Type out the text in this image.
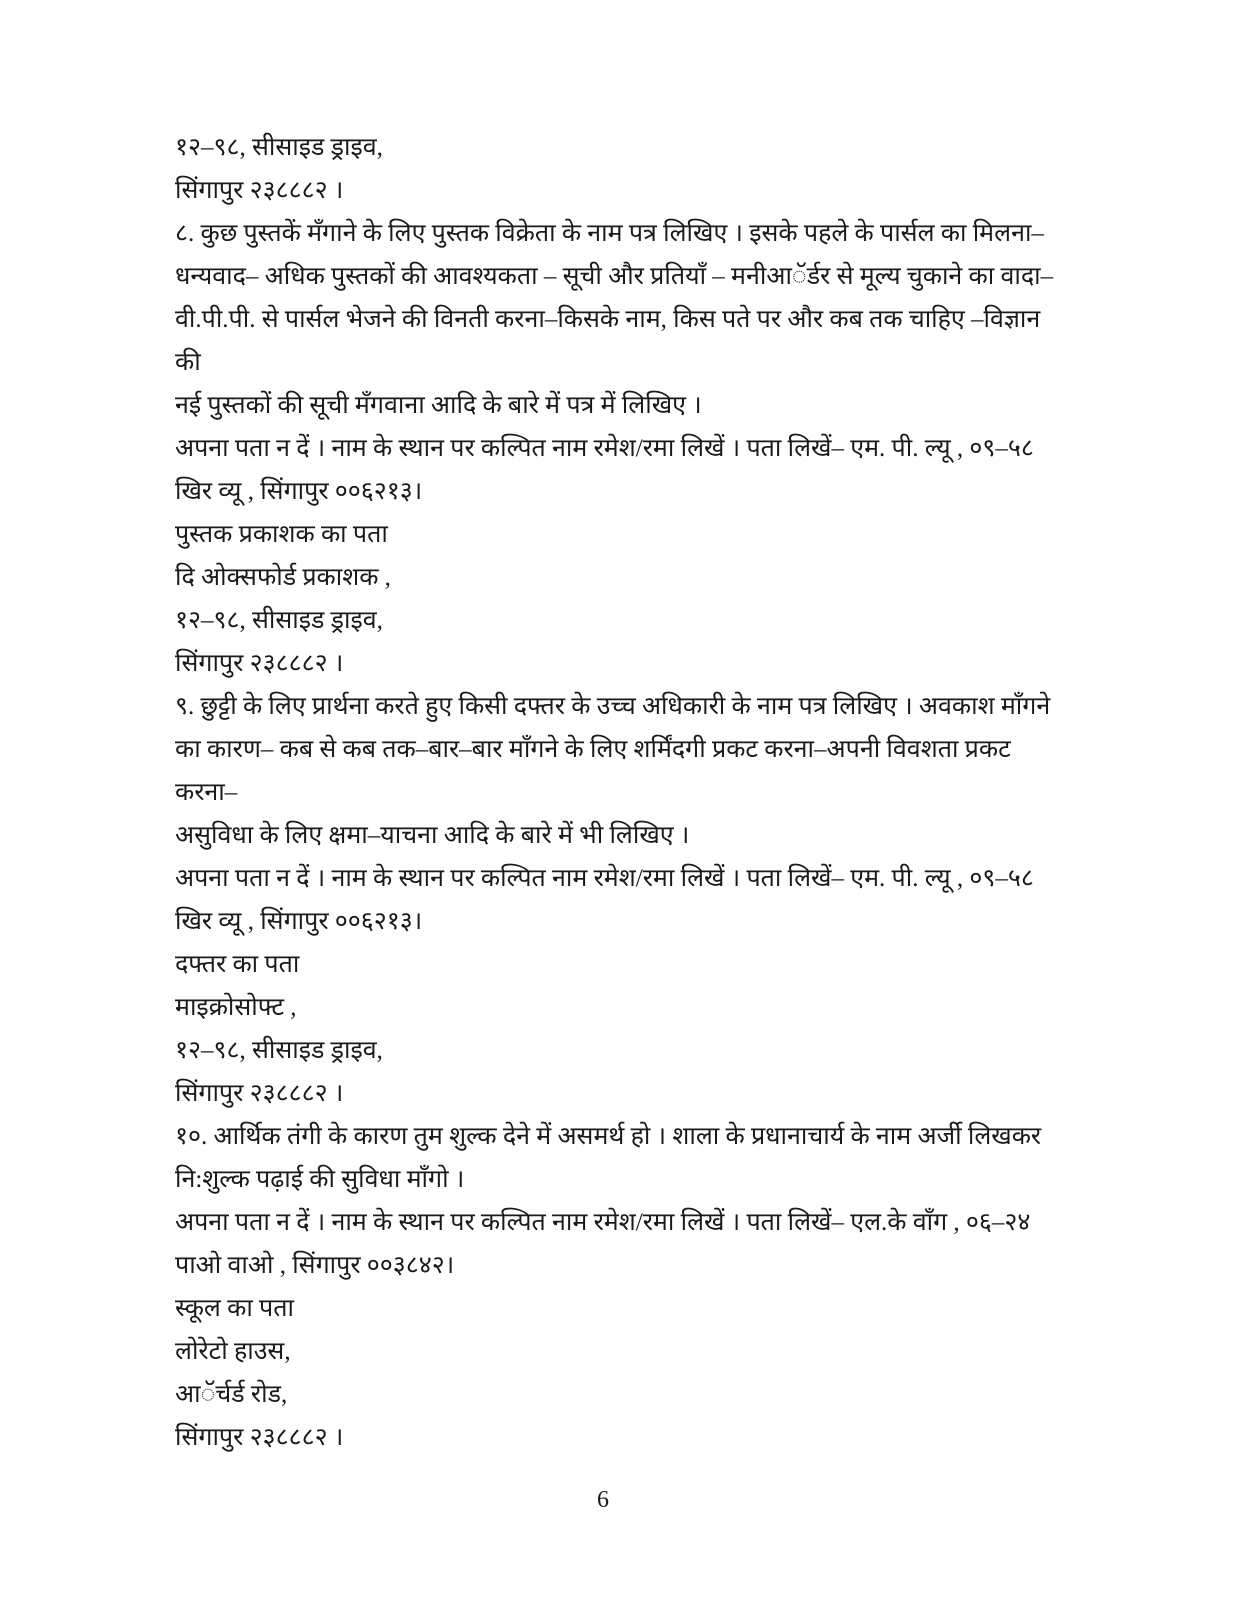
१२–९८, सीसाइड ड्राइव,

सिंगापुर २३८८८२ ।

८. कुछ पुस्तकें मँगाने के लिए पुस्तक विक्रेता के नाम पत्र लिखिए । इसके पहले के पार्सल का मिलना–

धन्यवाद– अधिक पुस्तकों की आवश्यकता – सूची और प्रतियाँ – मनीआॅर्डर से मूल्य चुकाने का वादा–

वी.पी.पी. से पार्सल भेजने की विनती करना–किसके नाम, किस पते पर और कब तक चाहिए –विज्ञान की

नई पुस्तकों की सूची मँगवाना आदि के बारे में पत्र में लिखिए ।

अपना पता न दें । नाम के स्थान पर कल्पित नाम रमेश/रमा लिखें । पता लिखें– एम. पी. ल्यू , ०९–५८

खिर व्यू , सिंगापुर ००६२१३।

पुस्तक प्रकाशक का पता

दि ओक्सफोर्ड प्रकाशक ,

१२–९८, सीसाइड ड्राइव,

सिंगापुर २३८८८२ ।

९. छुट्टी के लिए प्रार्थना करते हुए किसी दफ्तर के उच्च अधिकारी के नाम पत्र लिखिए । अवकाश माँगने

का कारण– कब से कब तक–बार–बार माँगने के लिए शर्मिंदगी प्रकट करना–अपनी विवशता प्रकट करना–

असुविधा के लिए क्षमा–याचना आदि के बारे में भी लिखिए ।

अपना पता न दें । नाम के स्थान पर कल्पित नाम रमेश/रमा लिखें । पता लिखें– एम. पी. ल्यू , ०९–५८

खिर व्यू , सिंगापुर ००६२१३।

दफ्तर का पता

माइक्रोसोफ्ट ,

१२–९८, सीसाइड ड्राइव,

सिंगापुर २३८८८२ ।

१०. आर्थिक तंगी के कारण तुम शुल्क देने में असमर्थ हो । शाला के प्रधानाचार्य के नाम अर्जी लिखकर

नि:शुल्क पढ़ाई की सुविधा माँगो ।

अपना पता न दें । नाम के स्थान पर कल्पित नाम रमेश/रमा लिखें । पता लिखें– एल.के वाँग , ०६–२४

पाओ वाओ , सिंगापुर ००३८४२।

स्कूल का पता

लोरेटो हाउस,

आॅर्चर्ड रोड,

सिंगापुर २३८८८२ ।

6
